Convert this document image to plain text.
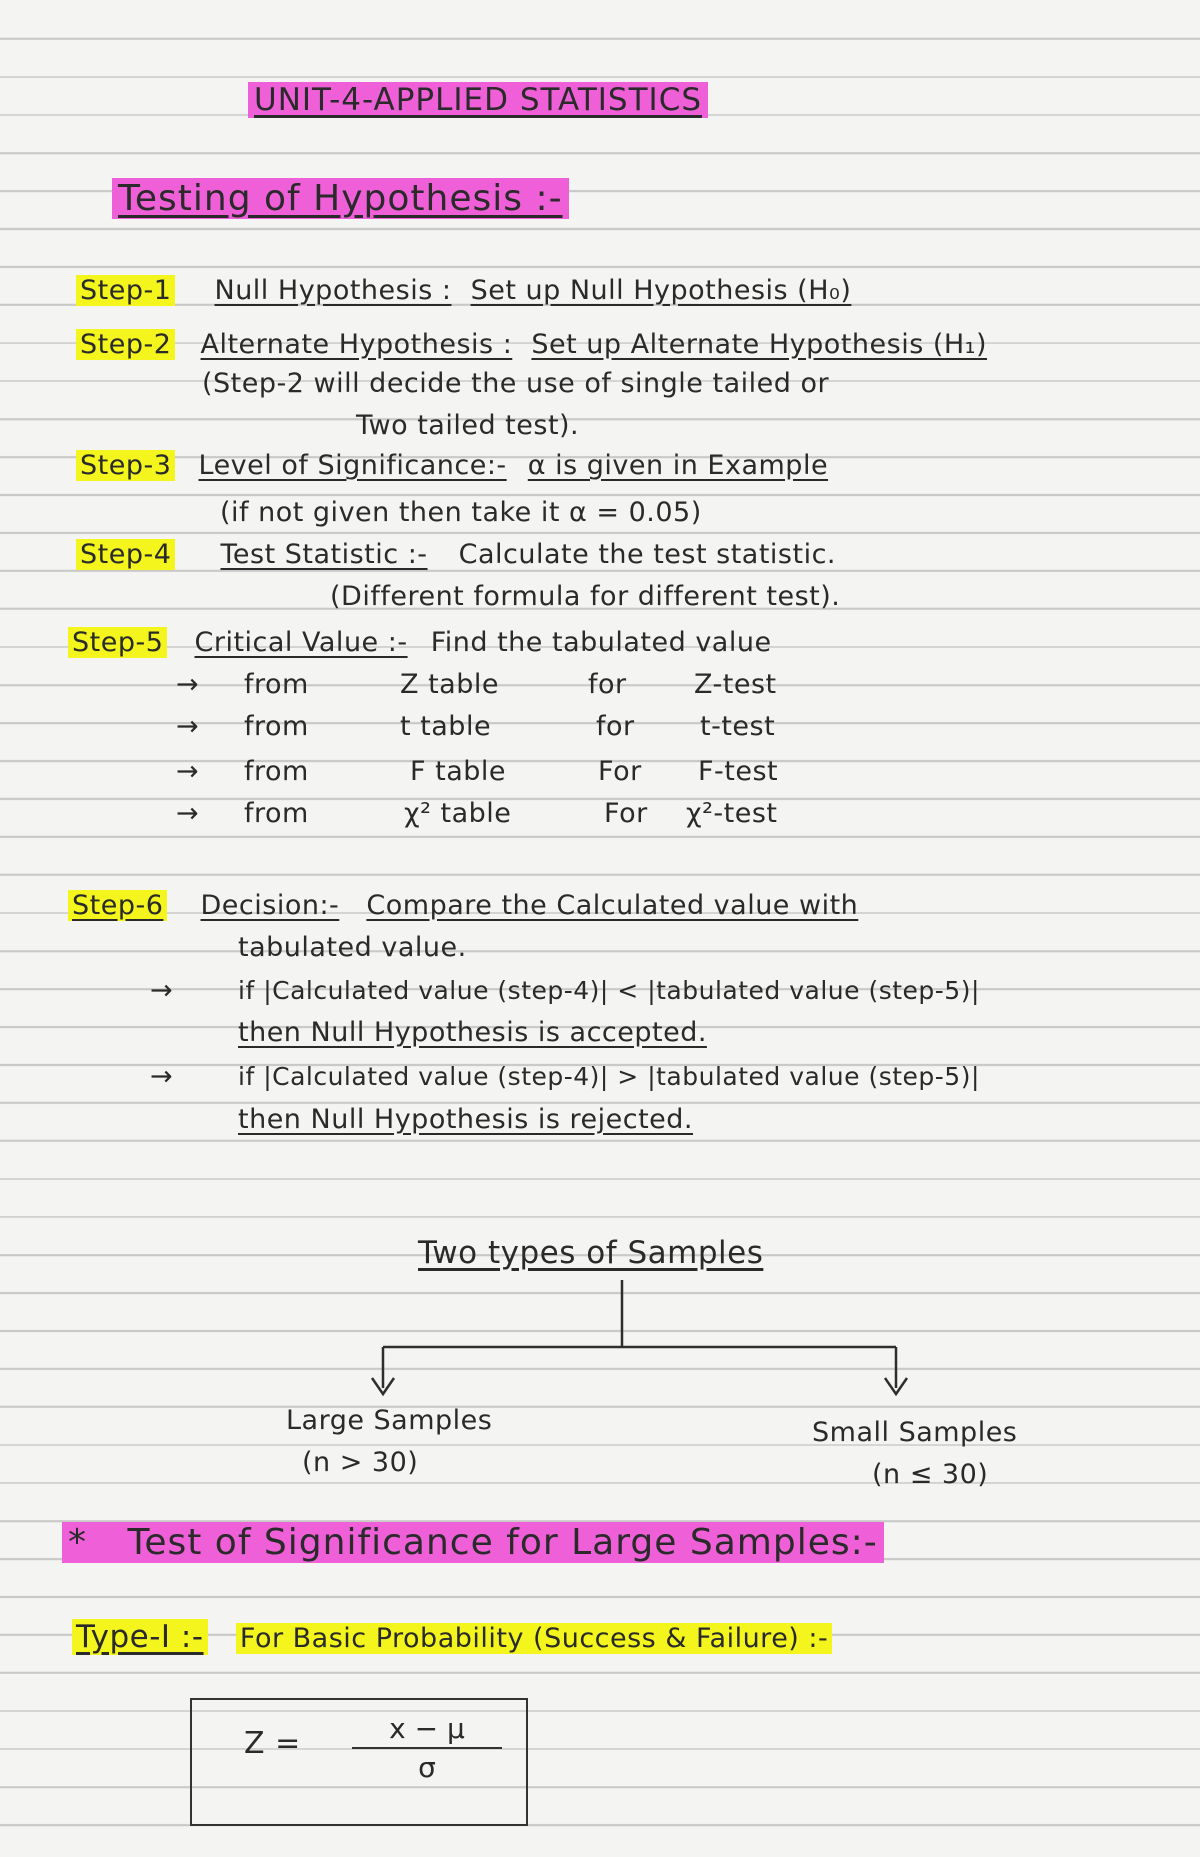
UNIT-4-APPLIED STATISTICS
Testing of Hypothesis :-
Step-1 Null Hypothesis : Set up Null Hypothesis (H₀)
Step-2 Alternate Hypothesis : Set up Alternate Hypothesis (H₁)
(Step-2 will decide the use of single tailed or
Two tailed test).
Step-3 Level of Significance:- α is given in Example
(if not given then take it α = 0.05)
Step-4 Test Statistic :- Calculate the test statistic.
(Different formula for different test).
Step-5 Critical Value :- Find the tabulated value
→ from	Z table	for Z-test
→ from	t table	for t-test
→ from	F table	For F-test
→ from	χ² table	For χ²-test
Step-6 Decision:- Compare the Calculated value with
tabulated value.
→	if |Calculated value (step-4)| < |tabulated value (step-5)|
then Null Hypothesis is accepted.
→	if |Calculated value (step-4)| > |tabulated value (step-5)|
then Null Hypothesis is rejected.
Two types of Samples
Large Samples
(n > 30)
Small Samples
(n ≤ 30)
* Test of Significance for Large Samples:-
Type-I :- For Basic Probability (Success & Failure) :-
$Z = \frac{x - \mu}{\sigma}$
